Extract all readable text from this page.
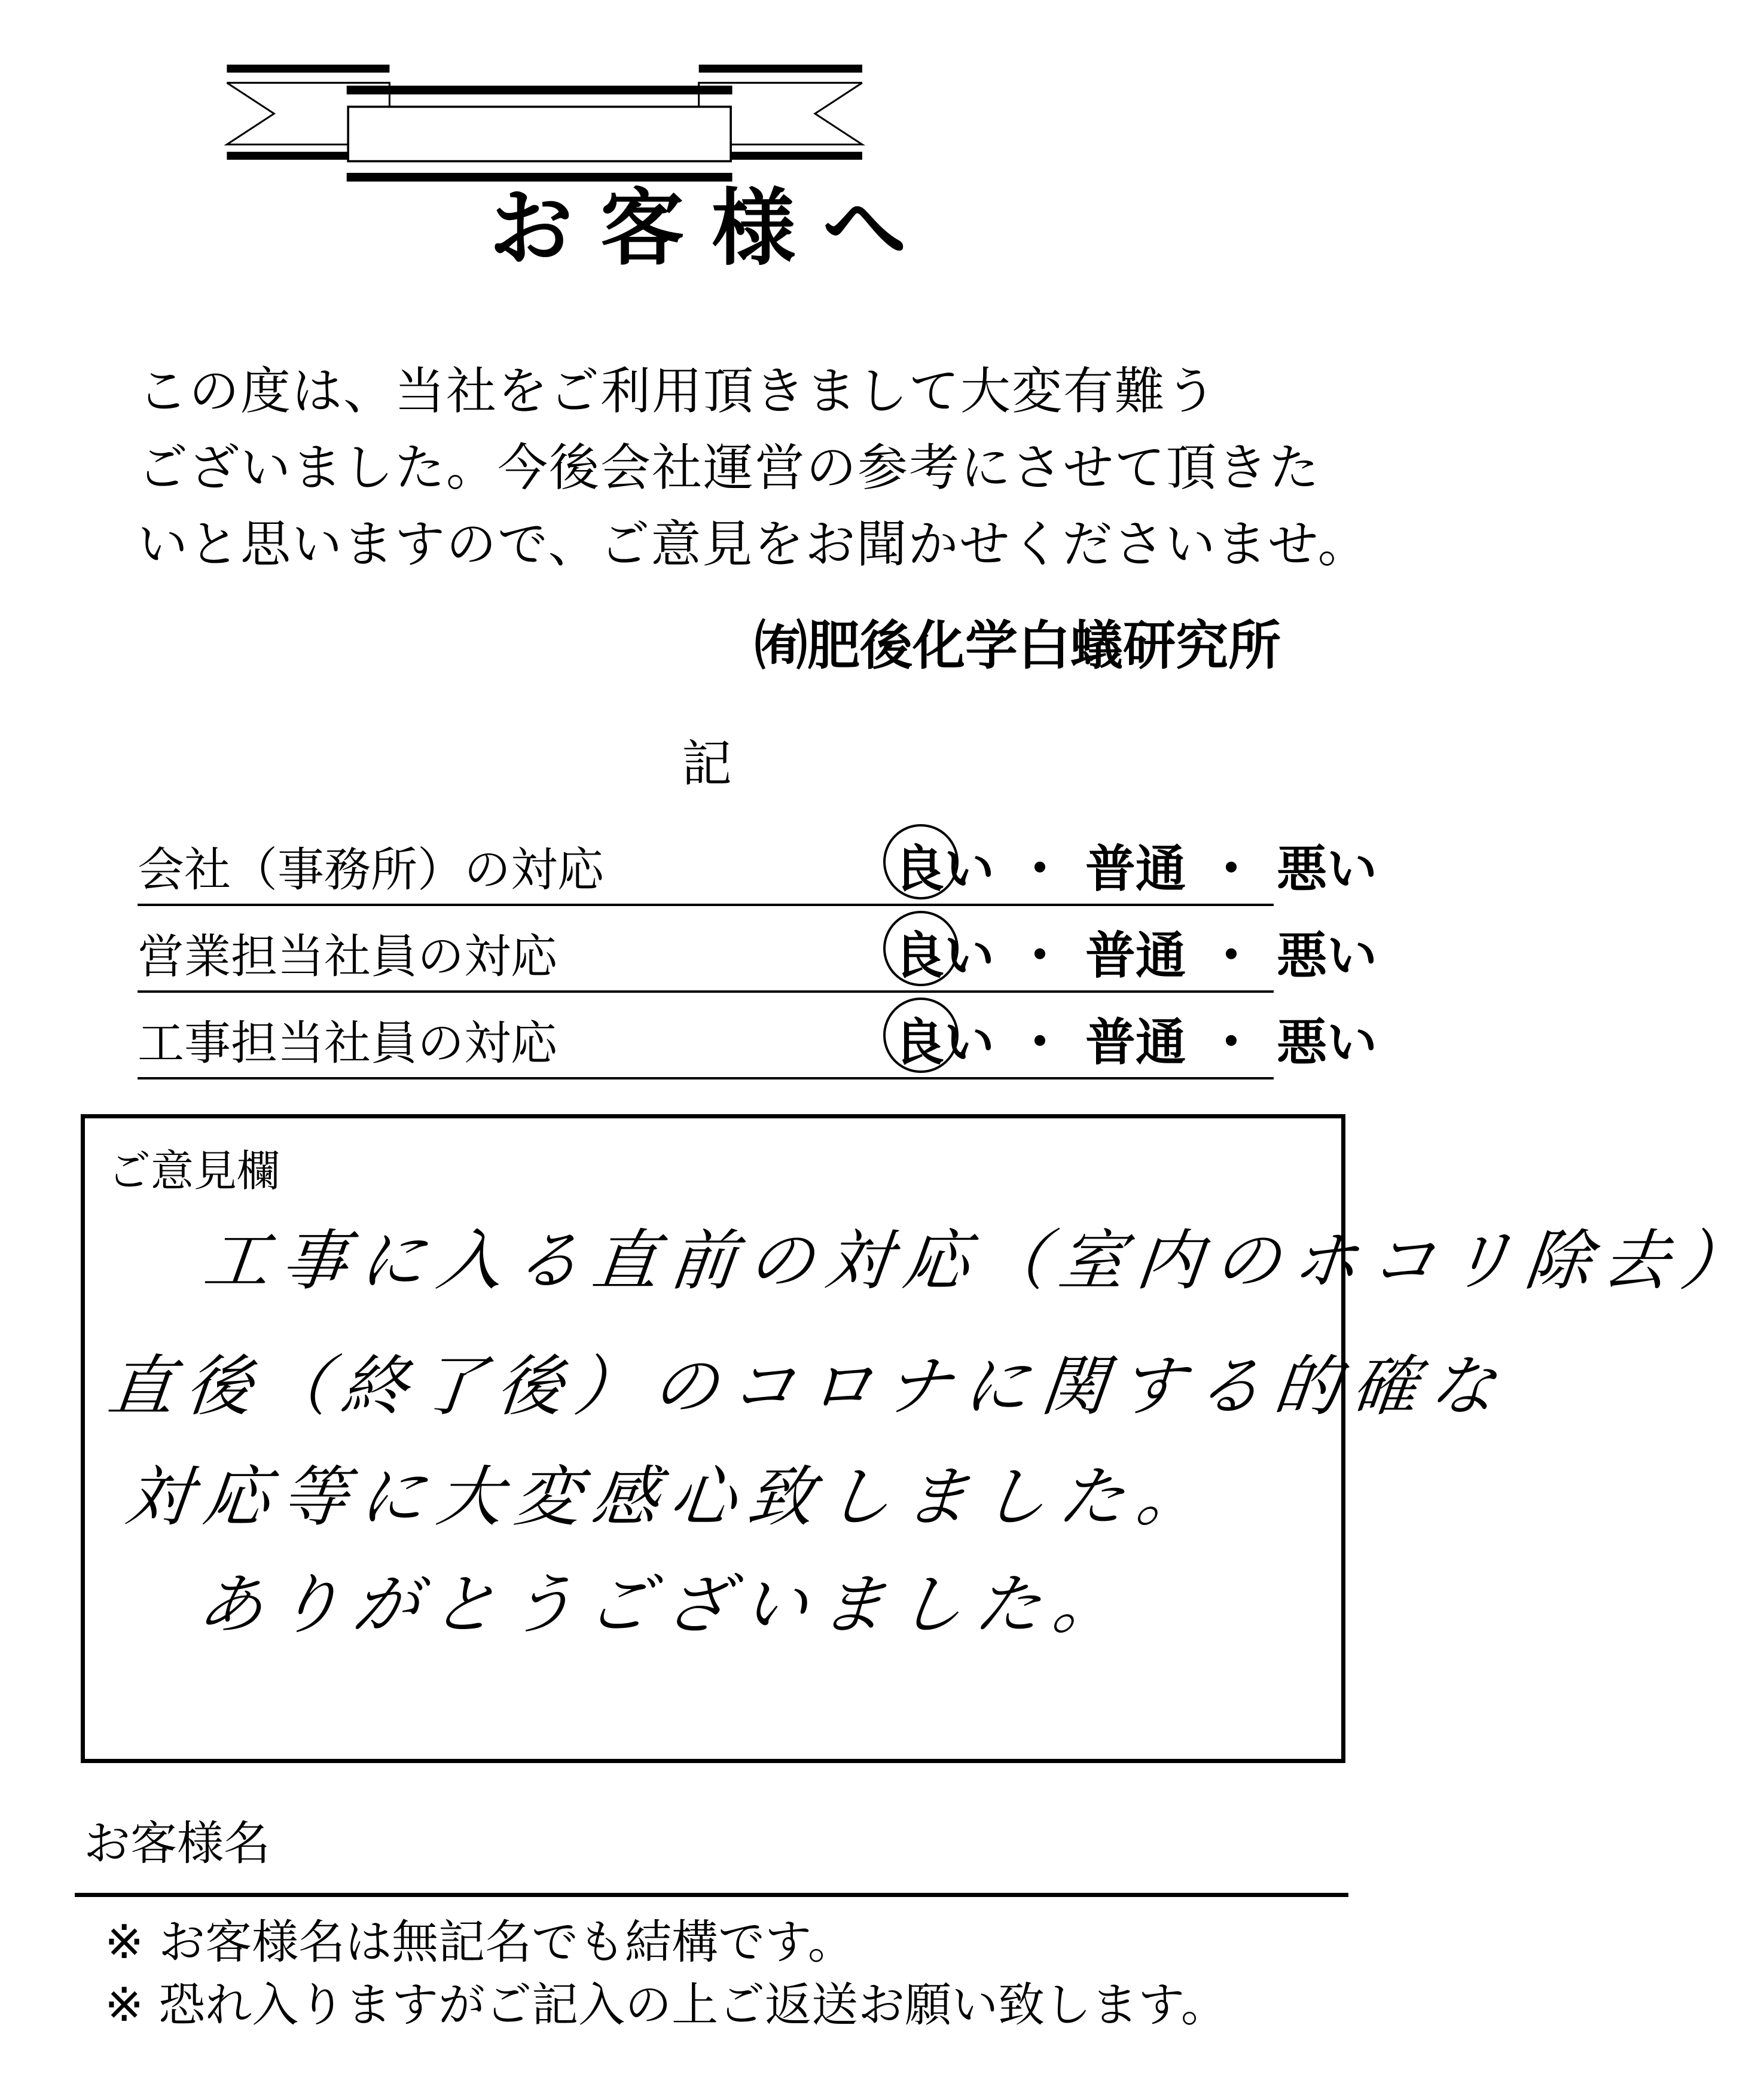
お客様へ
この度は、当社をご利用頂きまして大変有難う
ございました。今後会社運営の参考にさせて頂きた
いと思いますので、ご意見をお聞かせくださいませ。
㈲肥後化学白蟻研究所
記
会社（事務所）の対応	良い ・ 普通 ・ 悪い
営業担当社員の対応	良い ・ 普通 ・ 悪い
工事担当社員の対応	良い ・ 普通 ・ 悪い
ご意見欄
工事に入る直前の対応（室内のホコリ除去）
直後（終了後）のコロナに関する的確な
対応等に大変感心致しました。
ありがとうございました。
お客様名
※ お客様名は無記名でも結構です。
※ 恐れ入りますがご記入の上ご返送お願い致します。
